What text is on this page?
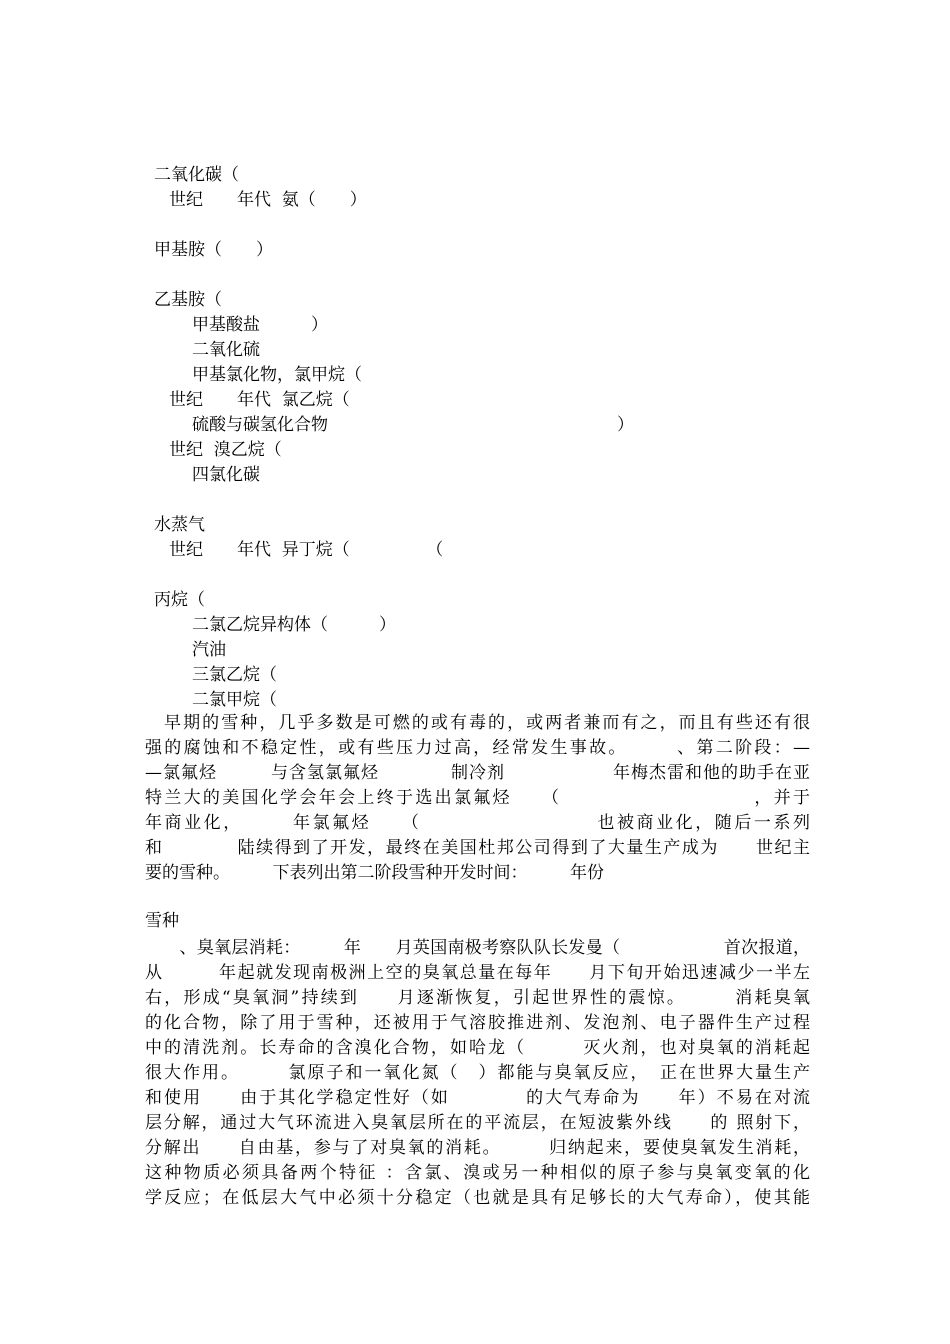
二氧化碳（
世纪　　年代  氨（　　）
甲基胺（　　）
乙基胺（
甲基酸盐　　　）
二氧化硫
甲基氯化物，氯甲烷（
世纪　　年代  氯乙烷（
硫酸与碳氢化合物　　　　　　　　　　　　　　　　　）
世纪  溴乙烷（
四氯化碳
水蒸气
世纪　　年代  异丁烷（　　　　　（
丙烷（
二氯乙烷异构体（　　　）
汽油
三氯乙烷（
二氯甲烷（
　早期的雪种，几乎多数是可燃的或有毒的，或两者兼而有之，而且有些还有很
强的腐蚀和不稳定性，或有些压力过高，经常发生事故。　　　、第二阶段：—
—氯氟烃　　　与含氢氯氟烃　　　　制冷剂　　　　　　年梅杰雷和他的助手在亚
特兰大的美国化学会年会上终于选出氯氟烃　　（　　　　　　　　　　，并于
年商业化，　　　年氯氟烃　　（　　　　　　　　　也被商业化，随后一系列
和　　　　陆续得到了开发，最终在美国杜邦公司得到了大量生产成为　　世纪主
要的雪种。　　　下表列出第二阶段雪种开发时间：　　　年份
雪种
　　、臭氧层消耗：　　　年　　月英国南极考察队队长发曼（　　　　　　首次报道，
从　　　年起就发现南极洲上空的臭氧总量在每年　　月下旬开始迅速减少一半左
右，形成“臭氧洞”持续到　　月逐渐恢复，引起世界性的震惊。　　　消耗臭氧
的化合物，除了用于雪种，还被用于气溶胶推进剂、发泡剂、电子器件生产过程
中的清洗剂。长寿命的含溴化合物，如哈龙（　　　灭火剂，也对臭氧的消耗起
很大作用。　　　氯原子和一氧化氮（　）都能与臭氧反应，　正在世界大量生产
和使用　　由于其化学稳定性好（如　　　　的大气寿命为　　年）不易在对流
层分解，通过大气环流进入臭氧层所在的平流层，在短波紫外线　　的 照射下，
分解出　　自由基，参与了对臭氧的消耗。　　　归纳起来，要使臭氧发生消耗，
这种物质必须具备两个特征 ：含氯、溴或另一种相似的原子参与臭氧变氧的化
学反应；在低层大气中必须十分稳定（也就是具有足够长的大气寿命），使其能
